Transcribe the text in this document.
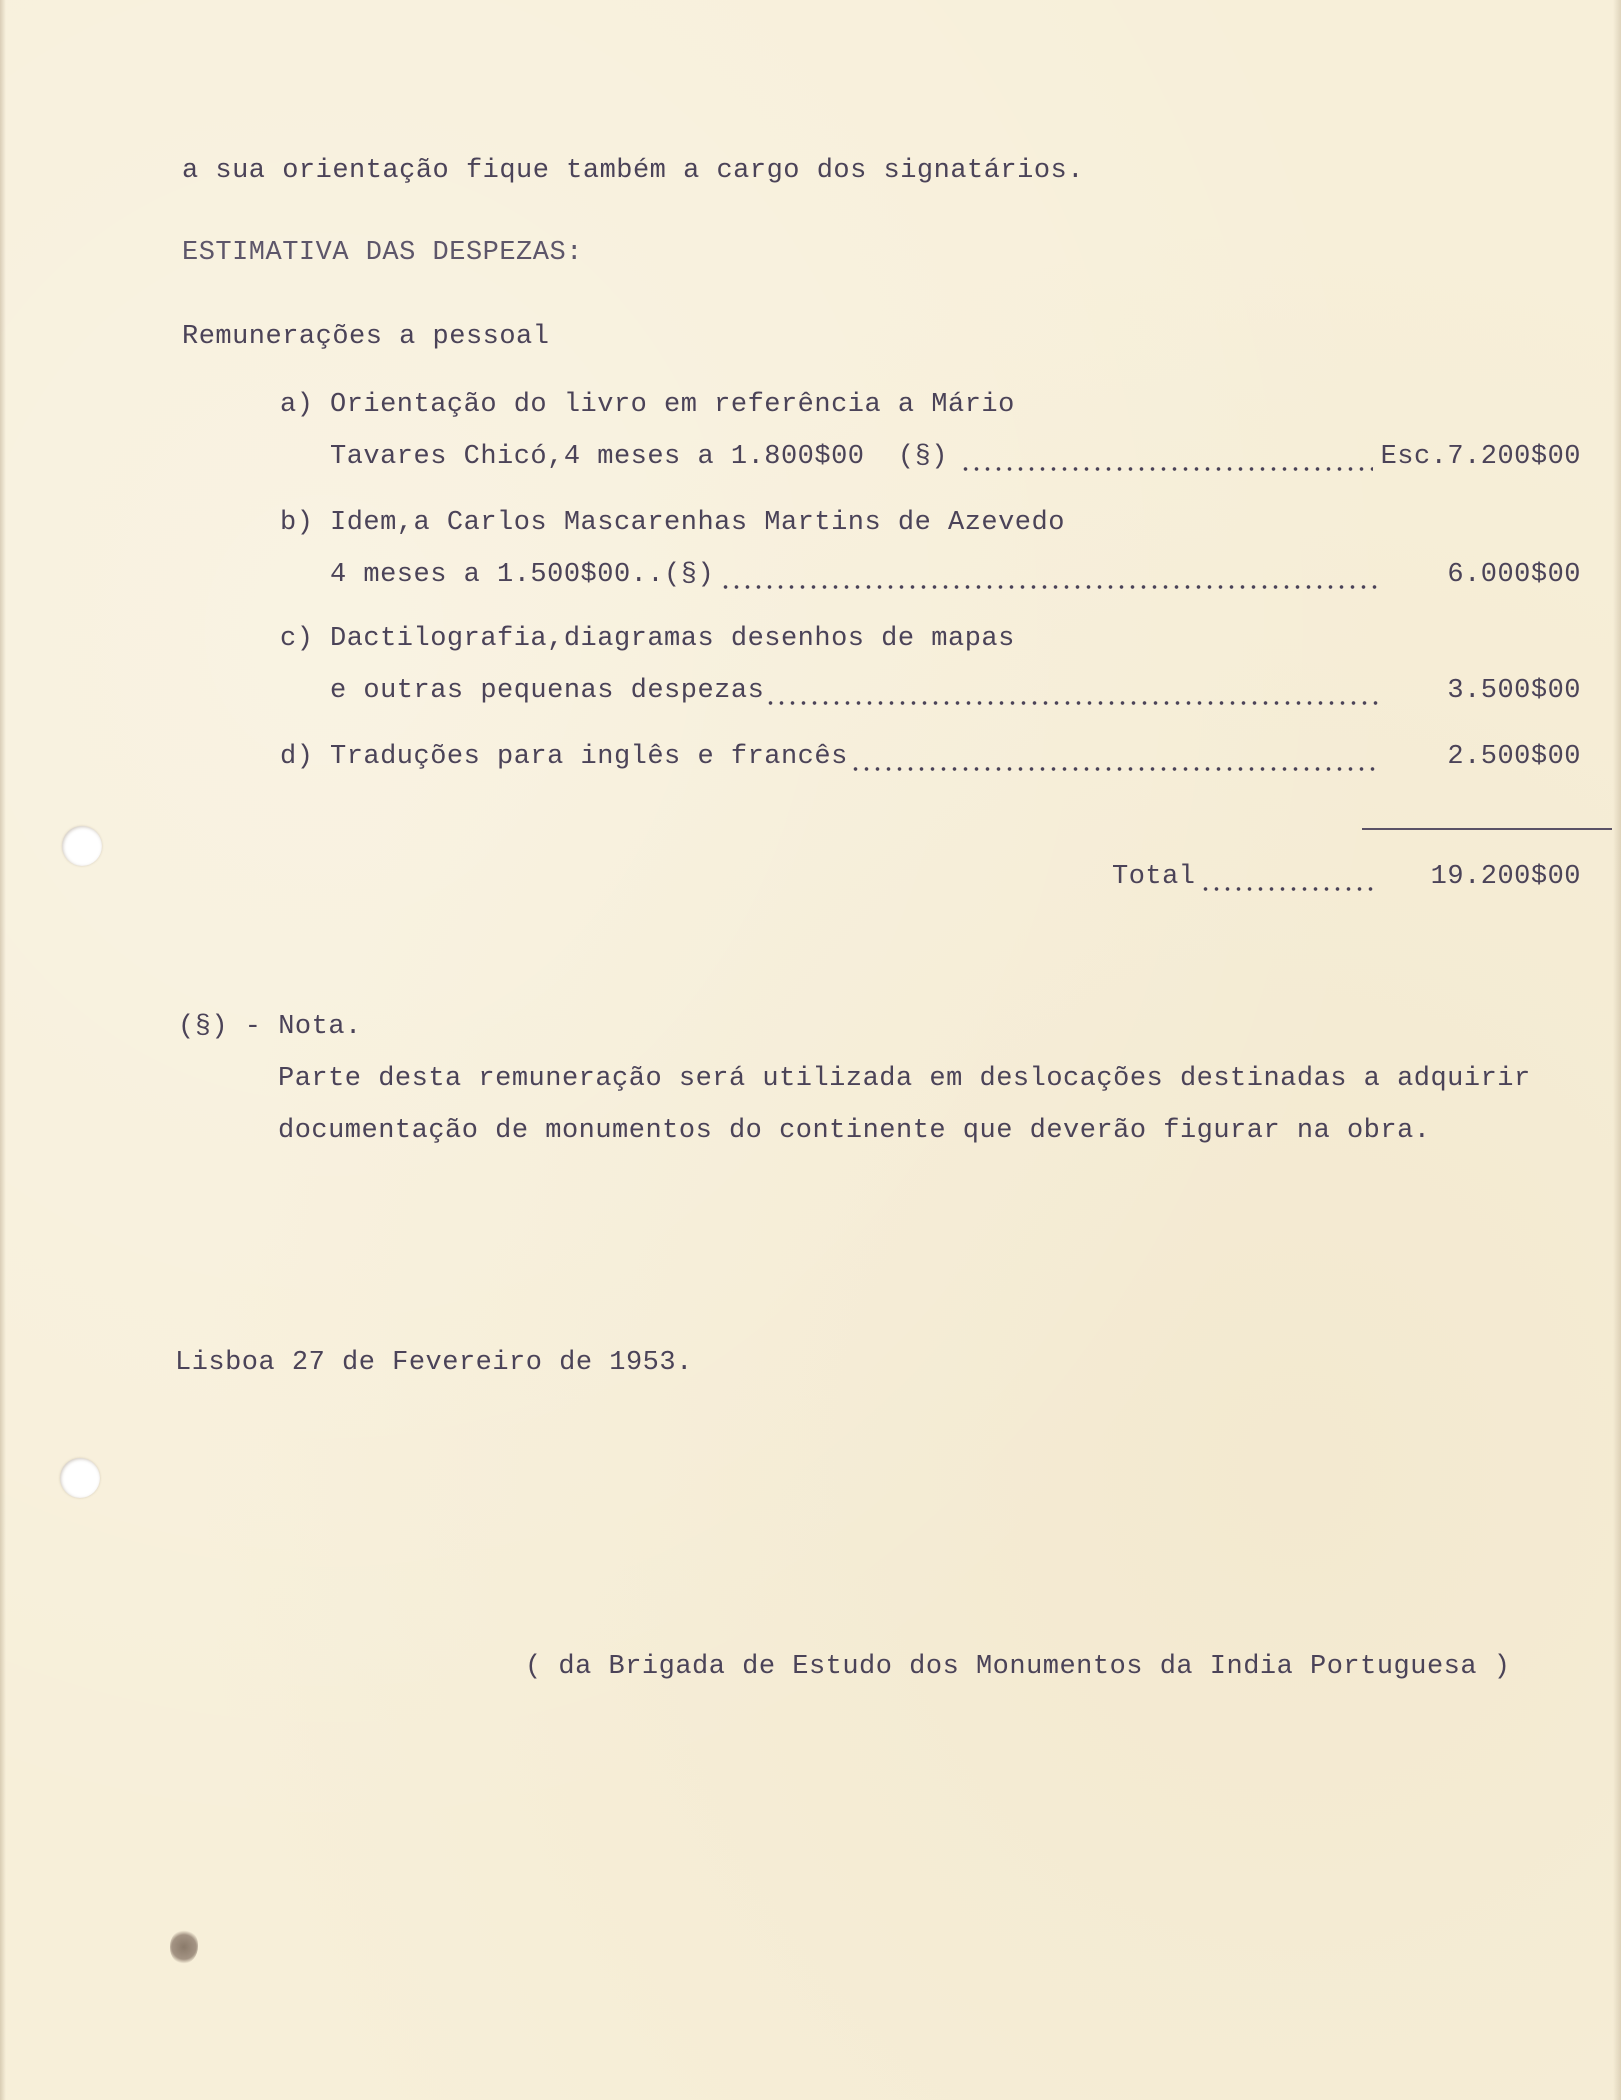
a sua orientação fique também a cargo dos signatários.
ESTIMATIVA DAS DESPEZAS:
Remunerações a pessoal
a) Orientação do livro em referência a Mário
Tavares Chicó,4 meses a 1.800$00  (§)	Esc.7.200$00
b) Idem,a Carlos Mascarenhas Martins de Azevedo
4 meses a 1.500$00..(§)	6.000$00
c) Dactilografia,diagramas desenhos de mapas
e outras pequenas despezas	3.500$00
d) Traduções para inglês e francês	2.500$00
Total	19.200$00
(§) - Nota.
Parte desta remuneração será utilizada em deslocações destinadas a adquirir
documentação de monumentos do continente que deverão figurar na obra.
Lisboa 27 de Fevereiro de 1953.
( da Brigada de Estudo dos Monumentos da India Portuguesa )
